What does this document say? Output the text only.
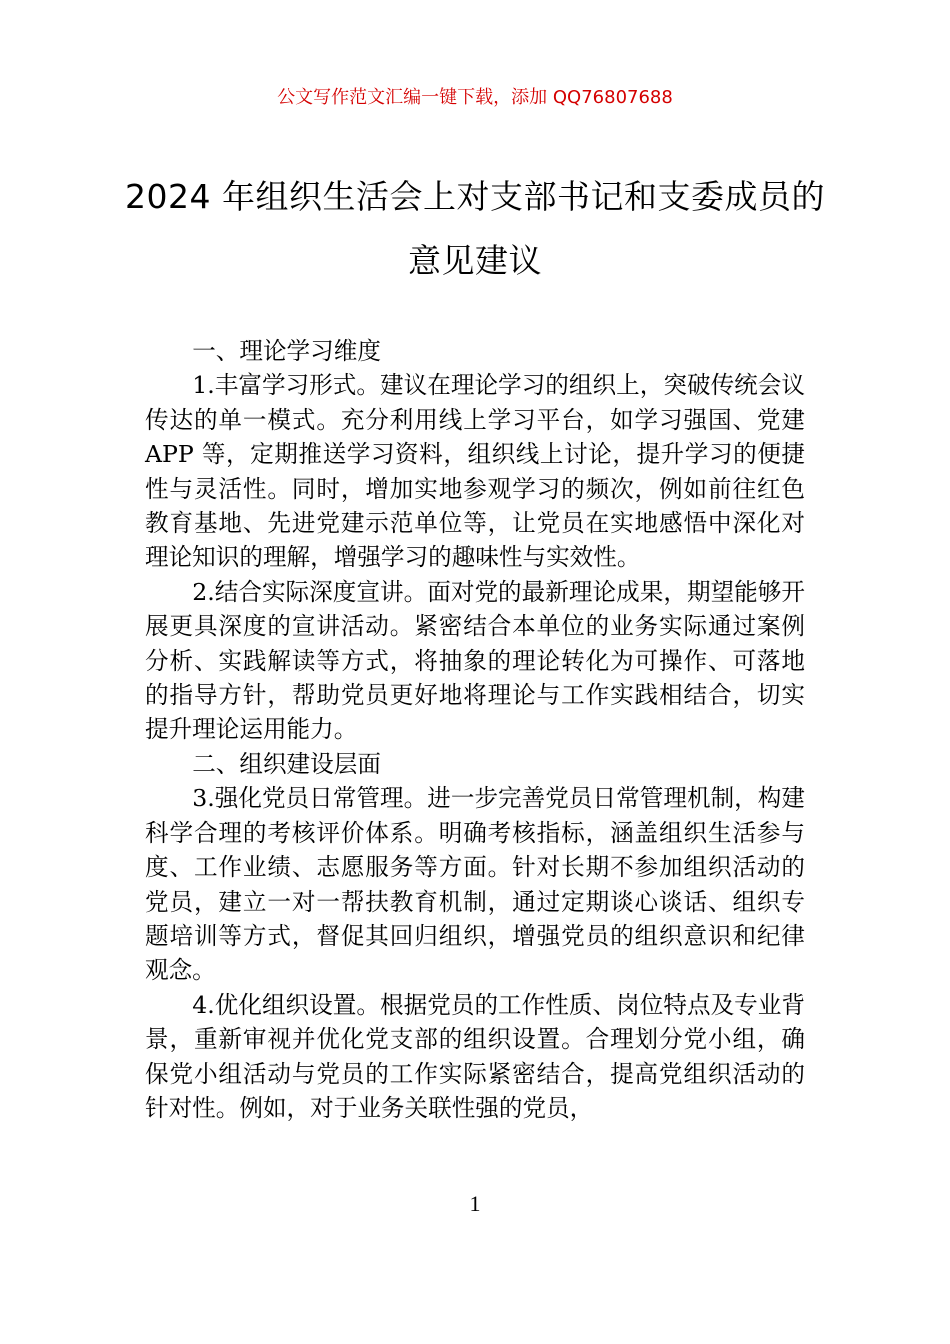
公文写作范文汇编一键下载，添加 QQ76807688
2024 年组织生活会上对支部书记和支委成员的意见建议

一、理论学习维度

1.丰富学习形式。建议在理论学习的组织上，突破传统会议传达的单一模式。充分利用线上学习平台，如学习强国、党建 APP 等，定期推送学习资料，组织线上讨论，提升学习的便捷性与灵活性。同时，增加实地参观学习的频次，例如前往红色教育基地、先进党建示范单位等，让党员在实地感悟中深化对理论知识的理解，增强学习的趣味性与实效性。

2.结合实际深度宣讲。面对党的最新理论成果，期望能够开展更具深度的宣讲活动。紧密结合本单位的业务实际通过案例分析、实践解读等方式，将抽象的理论转化为可操作、可落地的指导方针，帮助党员更好地将理论与工作实践相结合，切实提升理论运用能力。

二、组织建设层面

3.强化党员日常管理。进一步完善党员日常管理机制，构建科学合理的考核评价体系。明确考核指标，涵盖组织生活参与度、工作业绩、志愿服务等方面。针对长期不参加组织活动的党员，建立一对一帮扶教育机制，通过定期谈心谈话、组织专题培训等方式，督促其回归组织，增强党员的组织意识和纪律观念。

4.优化组织设置。根据党员的工作性质、岗位特点及专业背景，重新审视并优化党支部的组织设置。合理划分党小组，确保党小组活动与党员的工作实际紧密结合，提高党组织活动的针对性。例如，对于业务关联性强的党员，

1
